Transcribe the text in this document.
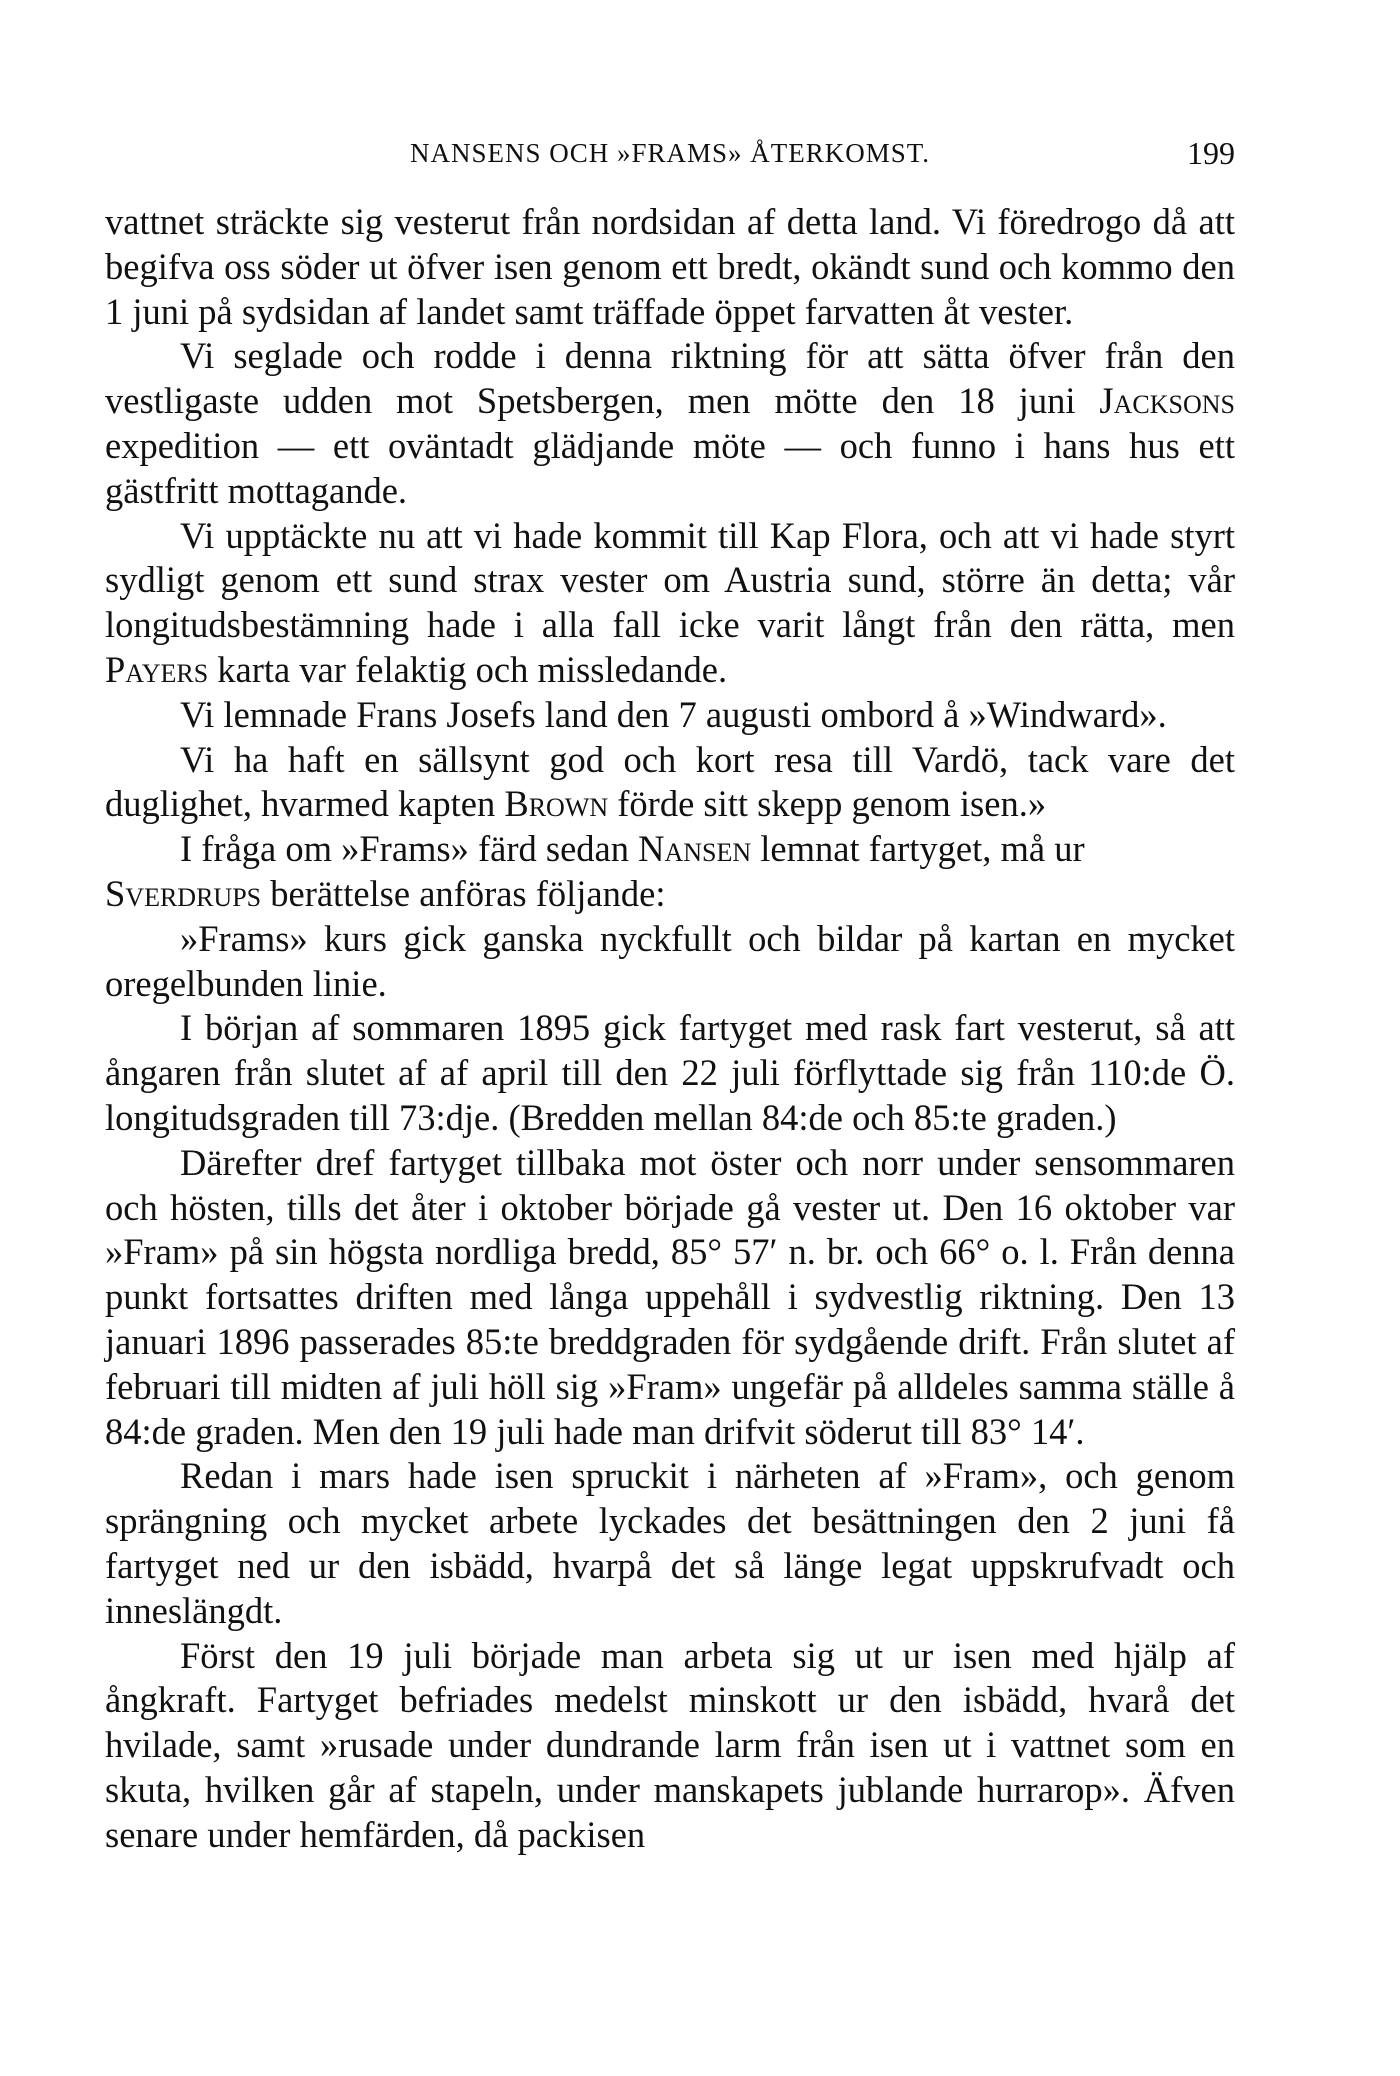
NANSENS OCH »FRAMS» ÅTERKOMST.	199

vattnet sträckte sig vesterut från nordsidan af detta land. Vi föredrogo då att begifva oss söder ut öfver isen genom ett bredt, okändt sund och kommo den 1 juni på sydsidan af landet samt träffade öppet farvatten åt vester.

Vi seglade och rodde i denna riktning för att sätta öfver från den vestligaste udden mot Spetsbergen, men mötte den 18 juni Jacksons expedition — ett oväntadt glädjande möte — och funno i hans hus ett gästfritt mottagande.

Vi upptäckte nu att vi hade kommit till Kap Flora, och att vi hade styrt sydligt genom ett sund strax vester om Austria sund, större än detta; vår longitudsbestämning hade i alla fall icke varit långt från den rätta, men Payers karta var felaktig och missledande.

Vi lemnade Frans Josefs land den 7 augusti ombord å »Windward».

Vi ha haft en sällsynt god och kort resa till Vardö, tack vare det duglighet, hvarmed kapten Brown förde sitt skepp genom isen.»

I fråga om »Frams» färd sedan Nansen lemnat fartyget, må ur

Sverdrups berättelse anföras följande:

»Frams» kurs gick ganska nyckfullt och bildar på kartan en mycket oregelbunden linie.

I början af sommaren 1895 gick fartyget med rask fart vesterut, så att ångaren från slutet af af april till den 22 juli förflyttade sig från 110:de Ö. longitudsgraden till 73:dje. (Bredden mellan 84:de och 85:te graden.)

Därefter dref fartyget tillbaka mot öster och norr under sensommaren och hösten, tills det åter i oktober började gå vester ut. Den 16 oktober var »Fram» på sin högsta nordliga bredd, 85° 57′ n. br. och 66° o. l. Från denna punkt fortsattes driften med långa uppehåll i sydvestlig riktning. Den 13 januari 1896 passerades 85:te breddgraden för sydgående drift. Från slutet af februari till midten af juli höll sig »Fram» ungefär på alldeles samma ställe å 84:de graden. Men den 19 juli hade man drifvit söderut till 83° 14′.

Redan i mars hade isen spruckit i närheten af »Fram», och genom sprängning och mycket arbete lyckades det besättningen den 2 juni få fartyget ned ur den isbädd, hvarpå det så länge legat uppskrufvadt och inneslängdt.

Först den 19 juli började man arbeta sig ut ur isen med hjälp af ångkraft. Fartyget befriades medelst minskott ur den isbädd, hvarå det hvilade, samt »rusade under dundrande larm från isen ut i vattnet som en skuta, hvilken går af stapeln, under manskapets jublande hurrarop». Äfven senare under hemfärden, då packisen
